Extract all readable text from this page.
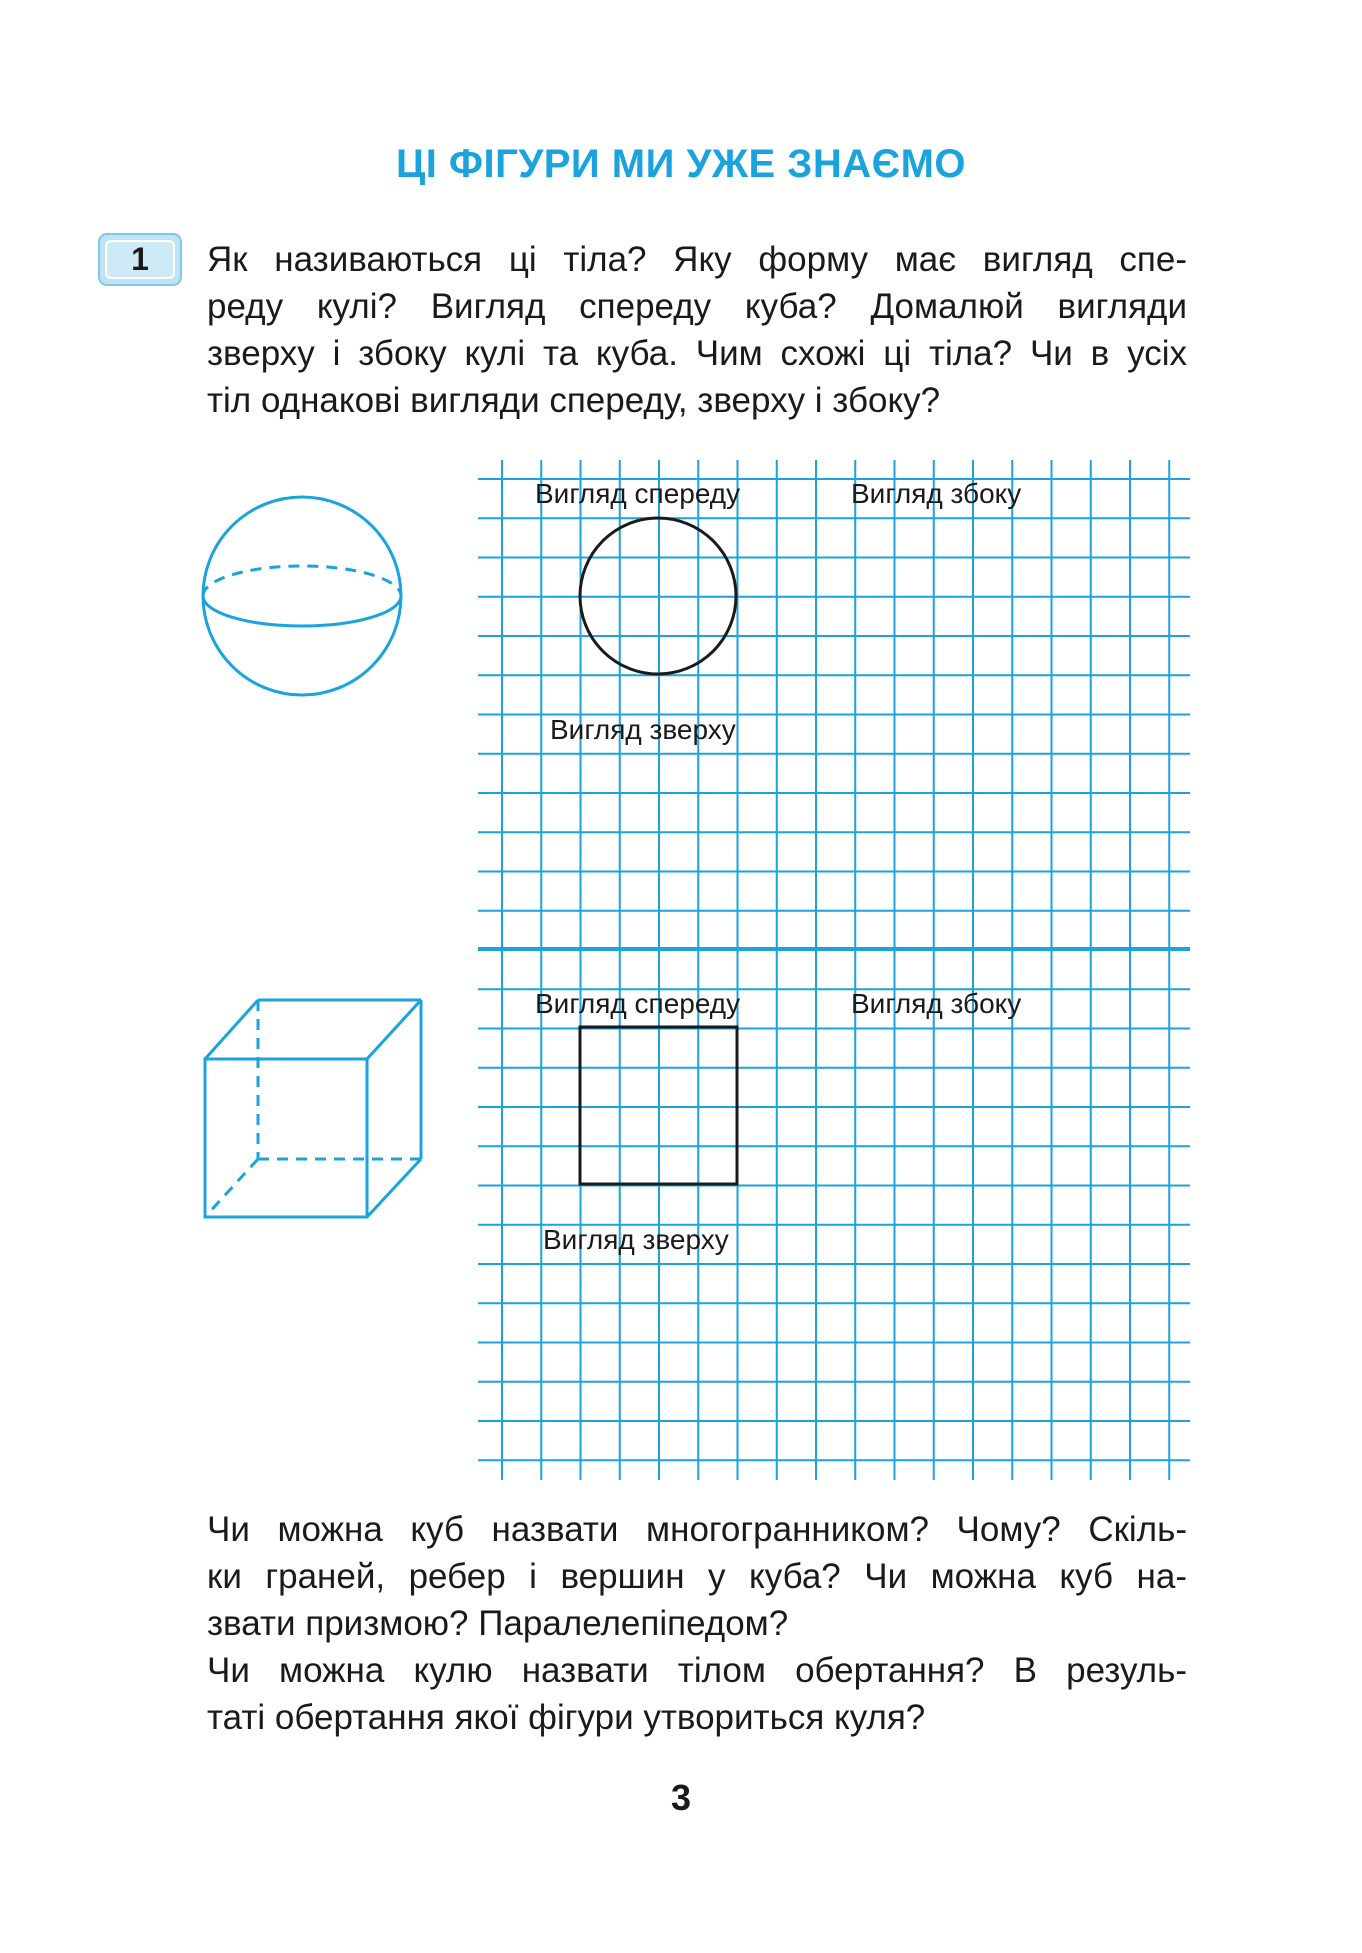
ЦІ ФІГУРИ МИ УЖЕ ЗНАЄМО
1	Як називаються ці тіла? Яку форму має вигляд спе-
реду кулі? Вигляд спереду куба? Домалюй вигляди
зверху і збоку кулі та куба. Чим схожі ці тіла? Чи в усіх
тіл однакові вигляди спереду, зверху і збоку?
Вигляд спереду	Вигляд збоку
Вигляд зверху
Вигляд спереду	Вигляд збоку
Вигляд зверху
Чи можна куб назвати многогранником? Чому? Скіль-
ки граней, ребер і вершин у куба? Чи можна куб на-
звати призмою? Паралелепіпедом?
Чи можна кулю назвати тілом обертання? В резуль-
таті обертання якої фігури утвориться куля?
3
